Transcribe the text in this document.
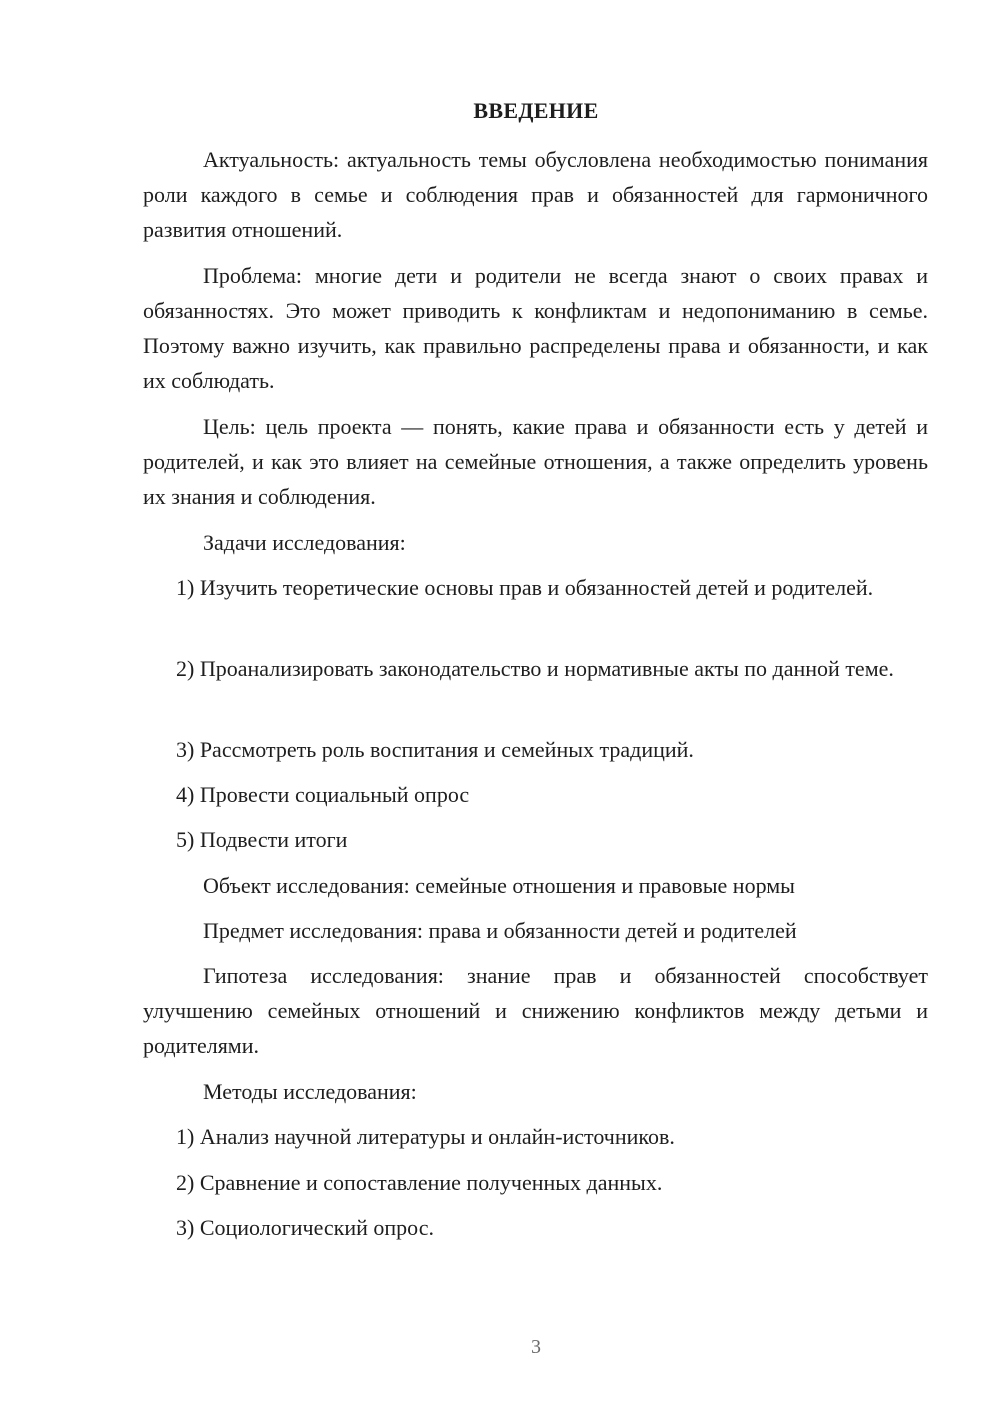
ВВЕДЕНИЕ

Актуальность: актуальность темы обусловлена необходимостью понимания роли каждого в семье и соблюдения прав и обязанностей для гармоничного развития отношений.

Проблема: многие дети и родители не всегда знают о своих правах и обязанностях. Это может приводить к конфликтам и недопониманию в семье. Поэтому важно изучить, как правильно распределены права и обязанности, и как их соблюдать.

Цель: цель проекта — понять, какие права и обязанности есть у детей и родителей, и как это влияет на семейные отношения, а также определить уровень их знания и соблюдения.

Задачи исследования:

1) Изучить теоретические основы прав и обязанностей детей и родителей.

2) Проанализировать законодательство и нормативные акты по данной теме.

3) Рассмотреть роль воспитания и семейных традиций.

4) Провести социальный опрос

5) Подвести итоги

Объект исследования: семейные отношения и правовые нормы

Предмет исследования: права и обязанности детей и родителей

Гипотеза исследования: знание прав и обязанностей способствует улучшению семейных отношений и снижению конфликтов между детьми и родителями.

Методы исследования:

1) Анализ научной литературы и онлайн-источников.

2) Сравнение и сопоставление полученных данных.

3) Социологический опрос.

3
